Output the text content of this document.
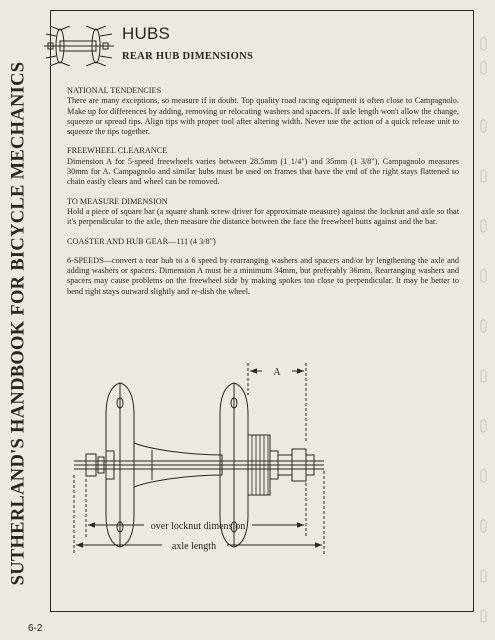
SUTHERLAND'S HANDBOOK FOR BICYCLE MECHANICS
HUBS
REAR HUB DIMENSIONS
NATIONAL TENDENCIES

There are many exceptions, so measure if in doubt. Top quality road racing equipment is often close to Campagnolo. Make up for differences by adding, removing or relocating washers and spacers. If axle length won't allow the change, squeeze or spread tips. Align tips with proper tool after altering width. Never use the action of a quick release unit to squeeze the tips together.

FREEWHEEL CLEARANCE

Dimension A for 5-speed freewheels varies between 28.5mm (1 1/4") and 35mm (1 3/8"). Campagnolo measures 30mm for A. Campagnolo and similar hubs must be used on frames that have the end of the right stays flattened so chain easily clears and wheel can be removed.

TO MEASURE DIMENSION

Hold a piece of square bar (a square shank screw driver for approximate measure) against the locknut and axle so that it's perpendicular to the axle, then measure the distance between the face the freewheel butts against and the bar.

COASTER AND HUB GEAR—111 (4 3/8")

6-SPEEDS—convert a rear hub to a 6 speed by rearranging washers and spacers and/or by lengthening the axle and adding washers or spacers. Dimension A must be a minimum 34mm, but preferably 36mm. Rearranging washers and spacers may cause problems on the freewheel side by making spokes too close to perpendicular. It may be better to bend right stays outward slightly and re-dish the wheel.

A
over locknut dimension
axle length
6-2
